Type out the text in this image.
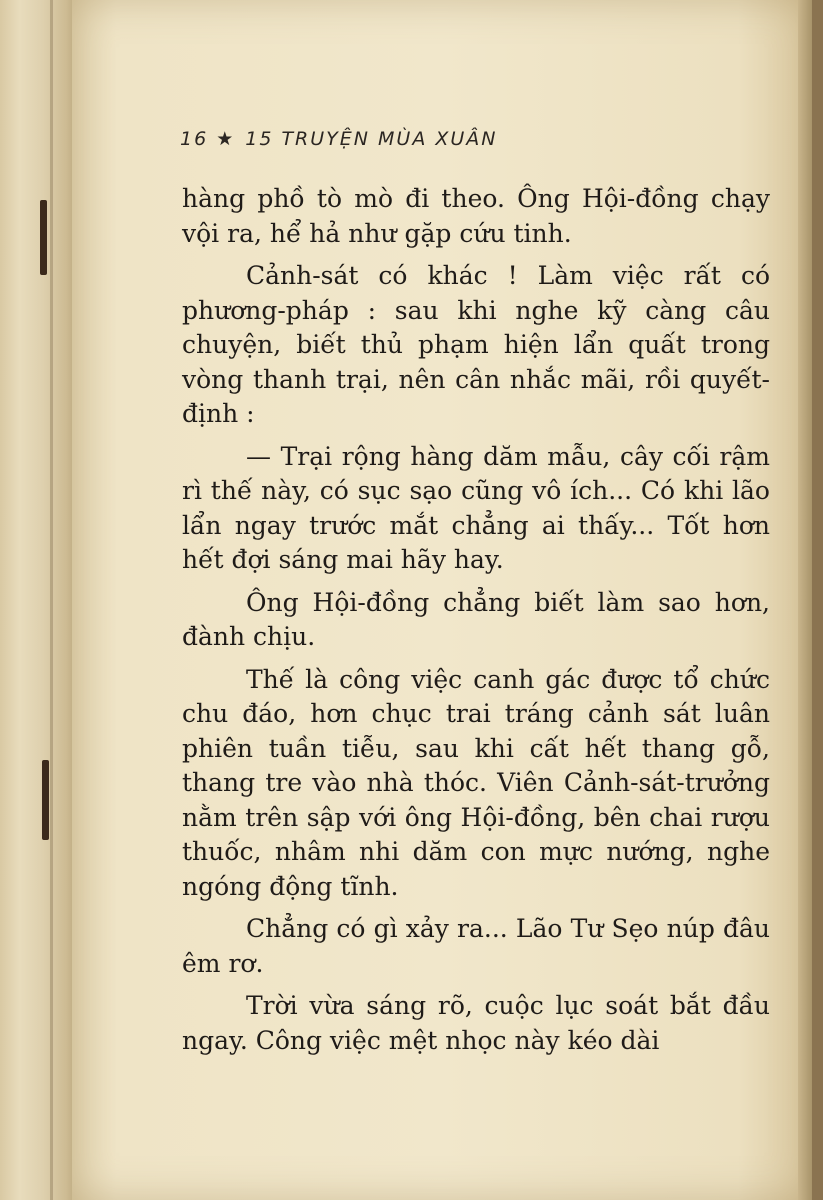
16 ★ 15 TRUYỆN MÙA XUÂN

hàng phồ tò mò đi theo. Ông Hội-đồng chạy vội ra, hể hả như gặp cứu tinh.

Cảnh-sát có khác ! Làm việc rất có phương-pháp : sau khi nghe kỹ càng câu chuyện, biết thủ phạm hiện lẩn quất trong vòng thanh trại, nên cân nhắc mãi, rồi quyết-định :

— Trại rộng hàng dăm mẫu, cây cối rậm rì thế này, có sục sạo cũng vô ích... Có khi lão lẩn ngay trước mắt chẳng ai thấy... Tốt hơn hết đợi sáng mai hãy hay.

Ông Hội-đồng chẳng biết làm sao hơn, đành chịu.

Thế là công việc canh gác được tổ chức chu đáo, hơn chục trai tráng cảnh sát luân phiên tuần tiễu, sau khi cất hết thang gỗ, thang tre vào nhà thóc. Viên Cảnh-sát-trưởng nằm trên sập với ông Hội-đồng, bên chai rượu thuốc, nhâm nhi dăm con mực nướng, nghe ngóng động tĩnh.

Chẳng có gì xảy ra... Lão Tư Sẹo núp đâu êm rơ.

Trời vừa sáng rõ, cuộc lục soát bắt đầu ngay. Công việc mệt nhọc này kéo dài
